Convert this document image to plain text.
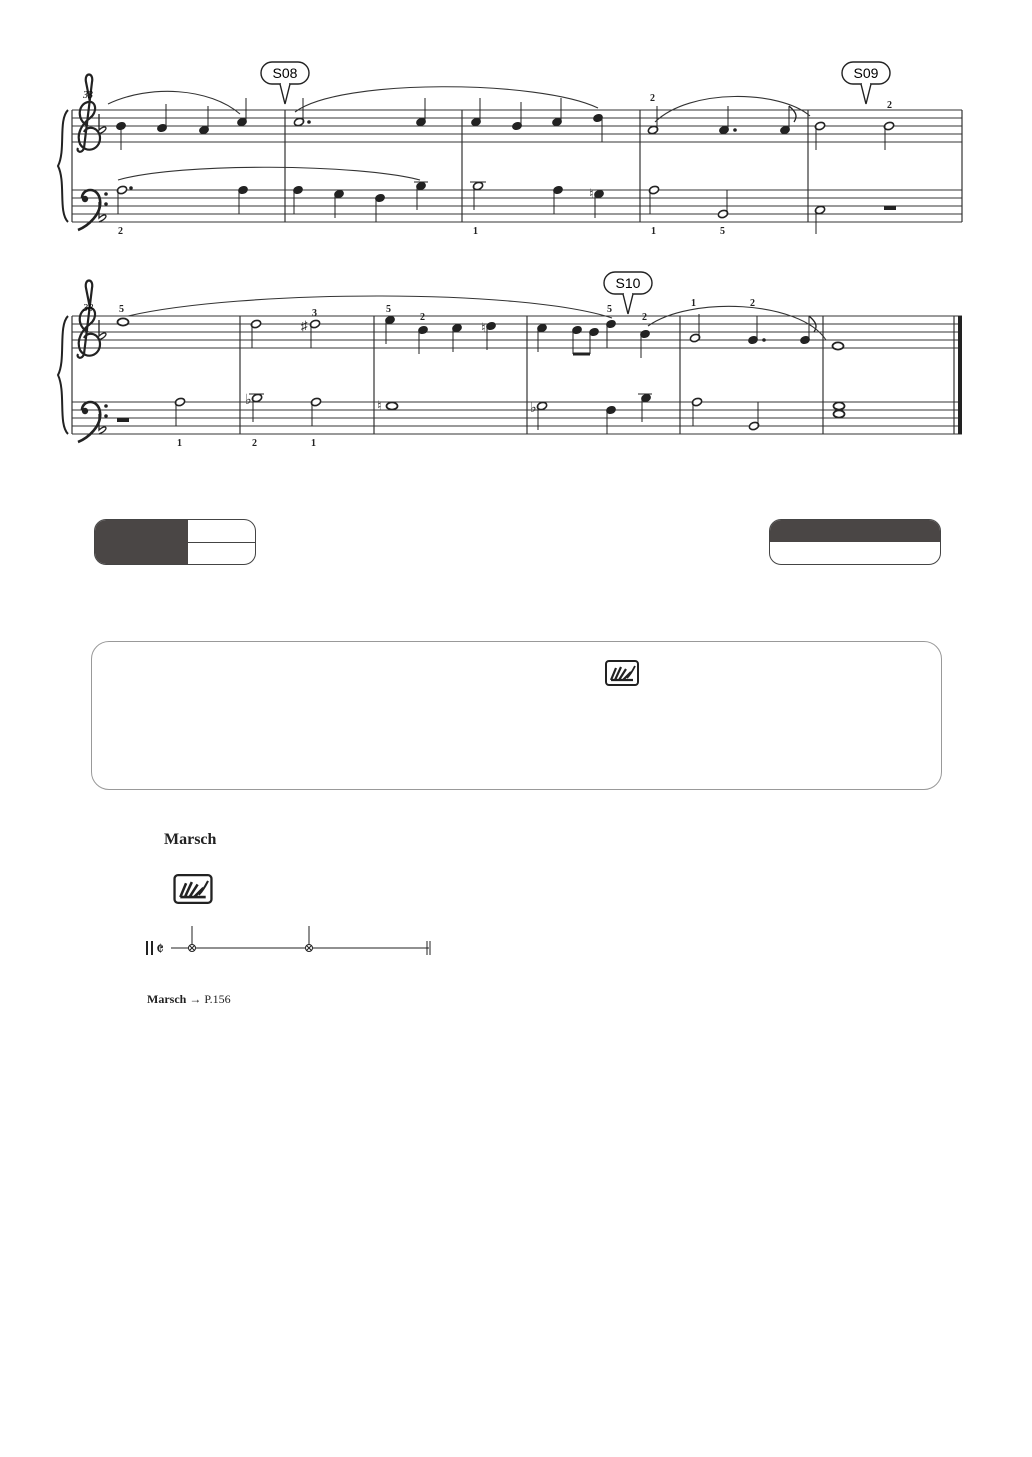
33
S08	S09
♮
2
2
2	1	1	5
38
S10
♯	♮
♭	♮	♭
5	3	5
2
5
2
1	2
1	2	1

Marsch

𝄵
Marsch → P.156
